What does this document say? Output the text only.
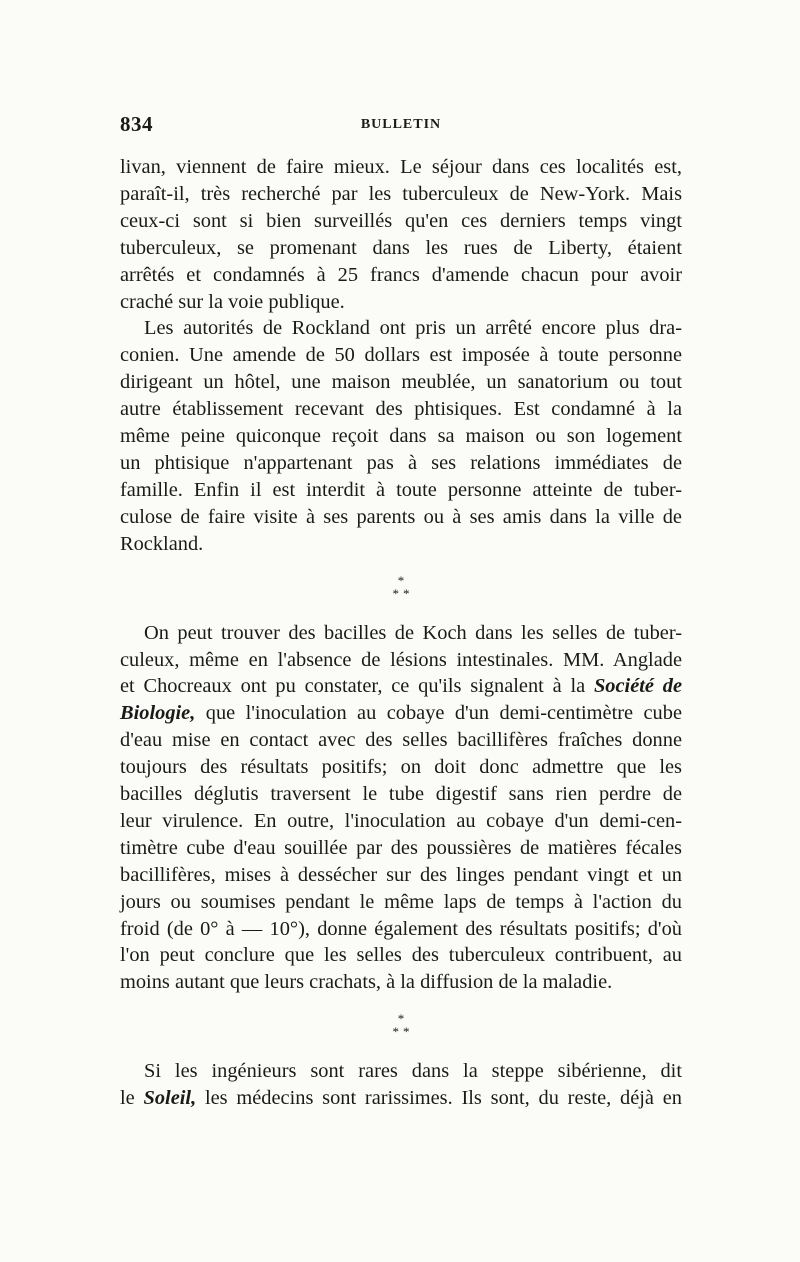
834	BULLETIN

livan, viennent de faire mieux. Le séjour dans ces localités est,
paraît-il, très recherché par les tuberculeux de New-York. Mais
ceux-ci sont si bien surveillés qu'en ces derniers temps vingt
tuberculeux, se promenant dans les rues de Liberty, étaient
arrêtés et condamnés à 25 francs d'amende chacun pour avoir
craché sur la voie publique.

Les autorités de Rockland ont pris un arrêté encore plus dra-
conien. Une amende de 50 dollars est imposée à toute personne
dirigeant un hôtel, une maison meublée, un sanatorium ou tout
autre établissement recevant des phtisiques. Est condamné à la
même peine quiconque reçoit dans sa maison ou son logement
un phtisique n'appartenant pas à ses relations immédiates de
famille. Enfin il est interdit à toute personne atteinte de tuber-
culose de faire visite à ses parents ou à ses amis dans la ville de
Rockland.

*
**

On peut trouver des bacilles de Koch dans les selles de tuber-
culeux, même en l'absence de lésions intestinales. MM. Anglade
et Chocreaux ont pu constater, ce qu'ils signalent à la Société de
Biologie, que l'inoculation au cobaye d'un demi-centimètre cube
d'eau mise en contact avec des selles bacillifères fraîches donne
toujours des résultats positifs; on doit donc admettre que les
bacilles déglutis traversent le tube digestif sans rien perdre de
leur virulence. En outre, l'inoculation au cobaye d'un demi-cen-
timètre cube d'eau souillée par des poussières de matières fécales
bacillifères, mises à dessécher sur des linges pendant vingt et un
jours ou soumises pendant le même laps de temps à l'action du
froid (de 0° à — 10°), donne également des résultats positifs; d'où
l'on peut conclure que les selles des tuberculeux contribuent, au
moins autant que leurs crachats, à la diffusion de la maladie.

*
**

Si les ingénieurs sont rares dans la steppe sibérienne, dit
le Soleil, les médecins sont rarissimes. Ils sont, du reste, déjà en
